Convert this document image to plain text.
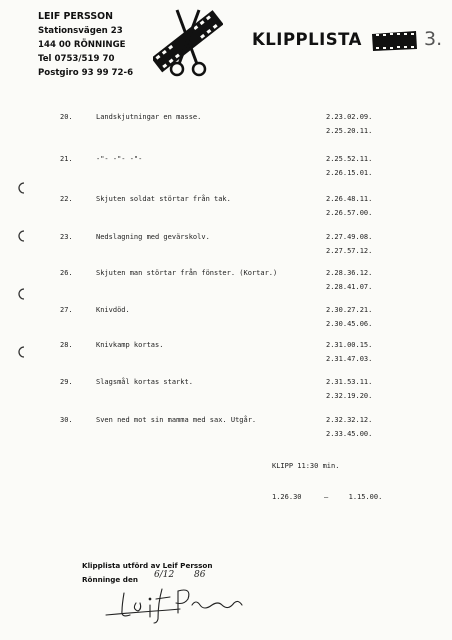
LEIF PERSSON
Stationsvägen 23
144 00 RÖNNINGE
Tel 0753/519 70
Postgiro 93 99 72-6
KLIPPLISTA	3.
20.	Landskjutningar en masse.	2.23.02.09.
2.25.20.11.
21.	-"- -"- -"-	2.25.52.11.
2.26.15.01.
22.	Skjuten soldat störtar från tak.	2.26.48.11.
2.26.57.00.
23.	Nedslagning med gevärskolv.	2.27.49.08.
2.27.57.12.
26.	Skjuten man störtar från fönster. (Kortar.)	2.28.36.12.
2.28.41.07.
27.	Knivdöd.	2.30.27.21.
2.30.45.06.
28.	Knivkamp kortas.	2.31.00.15.
2.31.47.03.
29.	Slagsmål kortas starkt.	2.31.53.11.
2.32.19.20.
30.	Sven ned mot sin mamma med sax. Utgår.	2.32.32.12.
2.33.45.00.
KLIPP 11:30 min.
1.26.30	–	1.15.00.
Klipplista utförd av Leif Persson
Rönninge den	6/12 86
